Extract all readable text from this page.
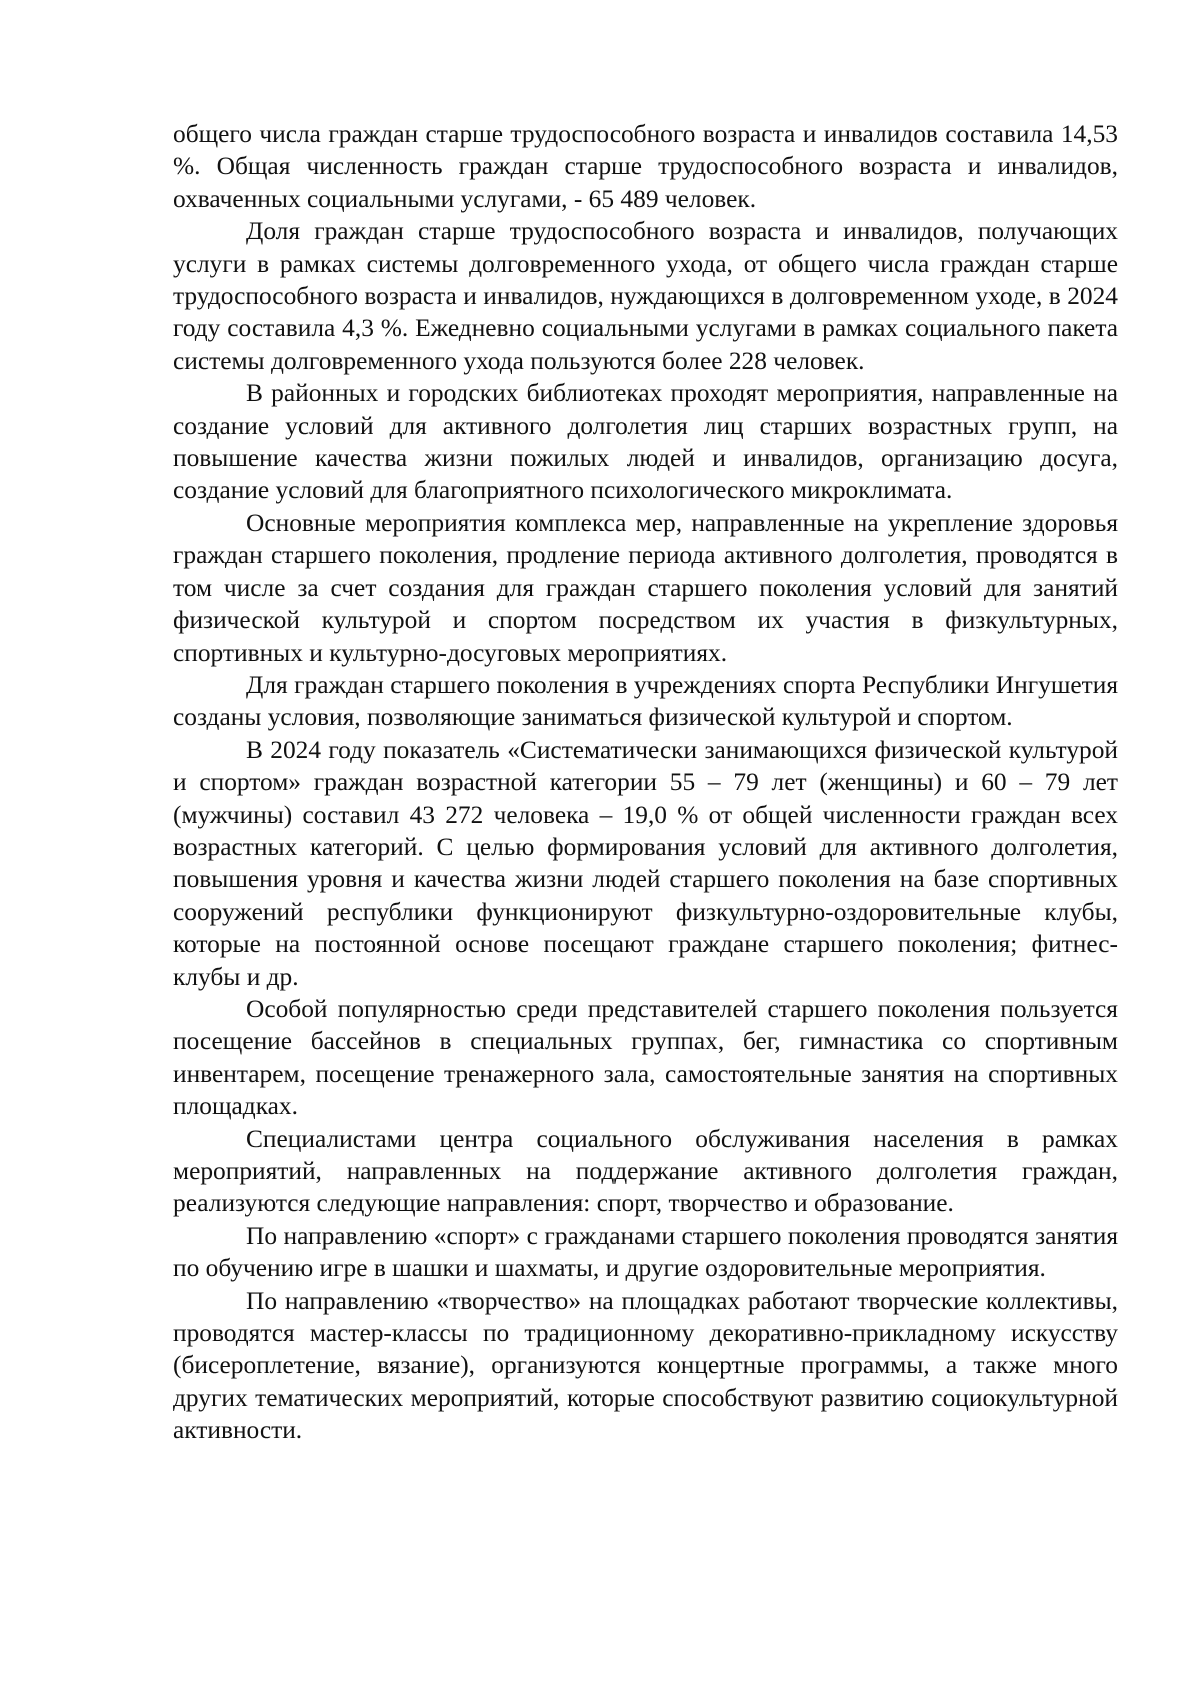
общего числа граждан старше трудоспособного возраста и инвалидов составила 14,53 %. Общая численность граждан старше трудоспособного возраста и инвалидов, охваченных социальными услугами, - 65 489 человек.

Доля граждан старше трудоспособного возраста и инвалидов, получающих услуги в рамках системы долговременного ухода, от общего числа граждан старше трудоспособного возраста и инвалидов, нуждающихся в долговременном уходе, в 2024 году составила 4,3 %. Ежедневно социальными услугами в рамках социального пакета системы долговременного ухода пользуются более 228 человек.

В районных и городских библиотеках проходят мероприятия, направленные на создание условий для активного долголетия лиц старших возрастных групп, на повышение качества жизни пожилых людей и инвалидов, организацию досуга, создание условий для благоприятного психологического микроклимата.

Основные мероприятия комплекса мер, направленные на укрепление здоровья граждан старшего поколения, продление периода активного долголетия, проводятся в том числе за счет создания для граждан старшего поколения условий для занятий физической культурой и спортом посредством их участия в физкультурных, спортивных и культурно-досуговых мероприятиях.

Для граждан старшего поколения в учреждениях спорта Республики Ингушетия созданы условия, позволяющие заниматься физической культурой и спортом.

В 2024 году показатель «Систематически занимающихся физической культурой и спортом» граждан возрастной категории 55 – 79 лет (женщины) и 60 – 79 лет (мужчины) составил 43 272 человека – 19,0 % от общей численности граждан всех возрастных категорий. С целью формирования условий для активного долголетия, повышения уровня и качества жизни людей старшего поколения на базе спортивных сооружений республики функционируют физкультурно-оздоровительные клубы, которые на постоянной основе посещают граждане старшего поколения; фитнес-клубы и др.

Особой популярностью среди представителей старшего поколения пользуется посещение бассейнов в специальных группах, бег, гимнастика со спортивным инвентарем, посещение тренажерного зала, самостоятельные занятия на спортивных площадках.

Специалистами центра социального обслуживания населения в рамках мероприятий, направленных на поддержание активного долголетия граждан, реализуются следующие направления: спорт, творчество и образование.

По направлению «спорт» с гражданами старшего поколения проводятся занятия по обучению игре в шашки и шахматы, и другие оздоровительные мероприятия.

По направлению «творчество» на площадках работают творческие коллективы, проводятся мастер-классы по традиционному декоративно-прикладному искусству (бисероплетение, вязание), организуются концертные программы, а также много других тематических мероприятий, которые способствуют развитию социокультурной активности.
